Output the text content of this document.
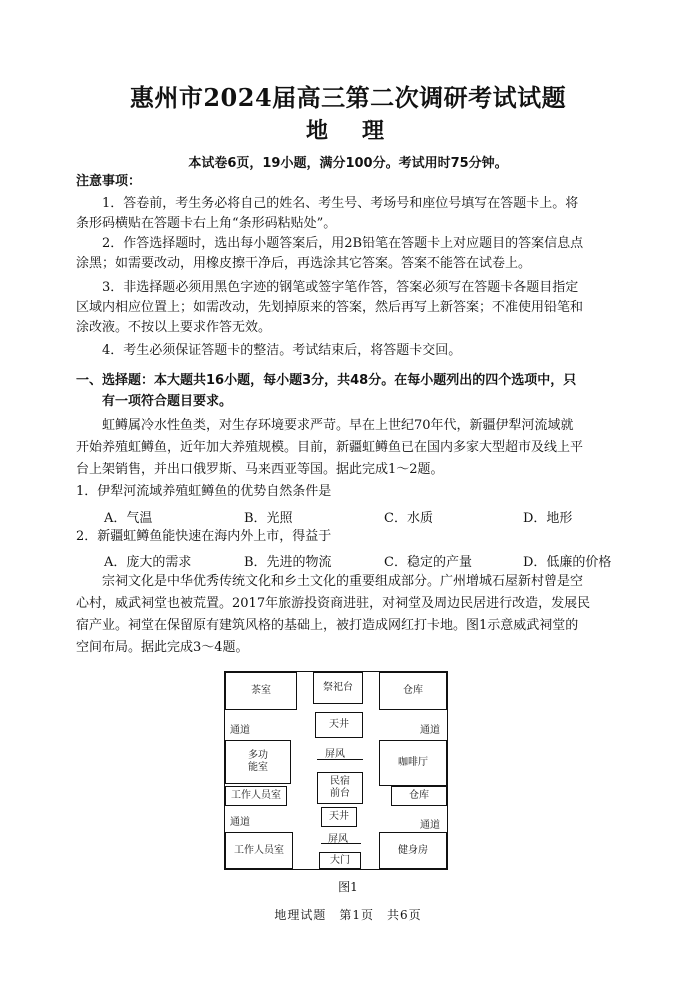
惠州市2024届高三第二次调研考试试题
地　理
本试卷6页，19小题，满分100分。考试用时75分钟。
注意事项：
1．答卷前，考生务必将自己的姓名、考生号、考场号和座位号填写在答题卡上。将
条形码横贴在答题卡右上角“条形码粘贴处”。
2．作答选择题时，选出每小题答案后，用2B铅笔在答题卡上对应题目的答案信息点
涂黑；如需要改动，用橡皮擦干净后，再选涂其它答案。答案不能答在试卷上。
3．非选择题必须用黑色字迹的钢笔或签字笔作答，答案必须写在答题卡各题目指定
区域内相应位置上；如需改动，先划掉原来的答案，然后再写上新答案；不准使用铅笔和
涂改液。不按以上要求作答无效。
4．考生必须保证答题卡的整洁。考试结束后，将答题卡交回。
一、选择题：本大题共16小题，每小题3分，共48分。在每小题列出的四个选项中，只
有一项符合题目要求。
虹鳟属冷水性鱼类，对生存环境要求严苛。早在上世纪70年代，新疆伊犁河流域就
开始养殖虹鳟鱼，近年加大养殖规模。目前，新疆虹鳟鱼已在国内多家大型超市及线上平
台上架销售，并出口俄罗斯、马来西亚等国。据此完成1～2题。
1．伊犁河流域养殖虹鳟鱼的优势自然条件是
A．气温	B．光照	C．水质	D．地形
2．新疆虹鳟鱼能快速在海内外上市，得益于
A．庞大的需求	B．先进的物流	C．稳定的产量	D．低廉的价格
宗祠文化是中华优秀传统文化和乡土文化的重要组成部分。广州增城石屋新村曾是空
心村，威武祠堂也被荒置。2017年旅游投资商进驻，对祠堂及周边民居进行改造，发展民
宿产业。祠堂在保留原有建筑风格的基础上，被打造成网红打卡地。图1示意威武祠堂的
空间布局。据此完成3～4题。
茶室	祭祀台	仓库
通道
天井
通道
屏风
多功
能室	咖啡厅
民宿
前台
工作人员室	仓库
通道
天井
通道
屏风
工作人员室	健身房
大门
图1
地理试题　第1页　共6页
